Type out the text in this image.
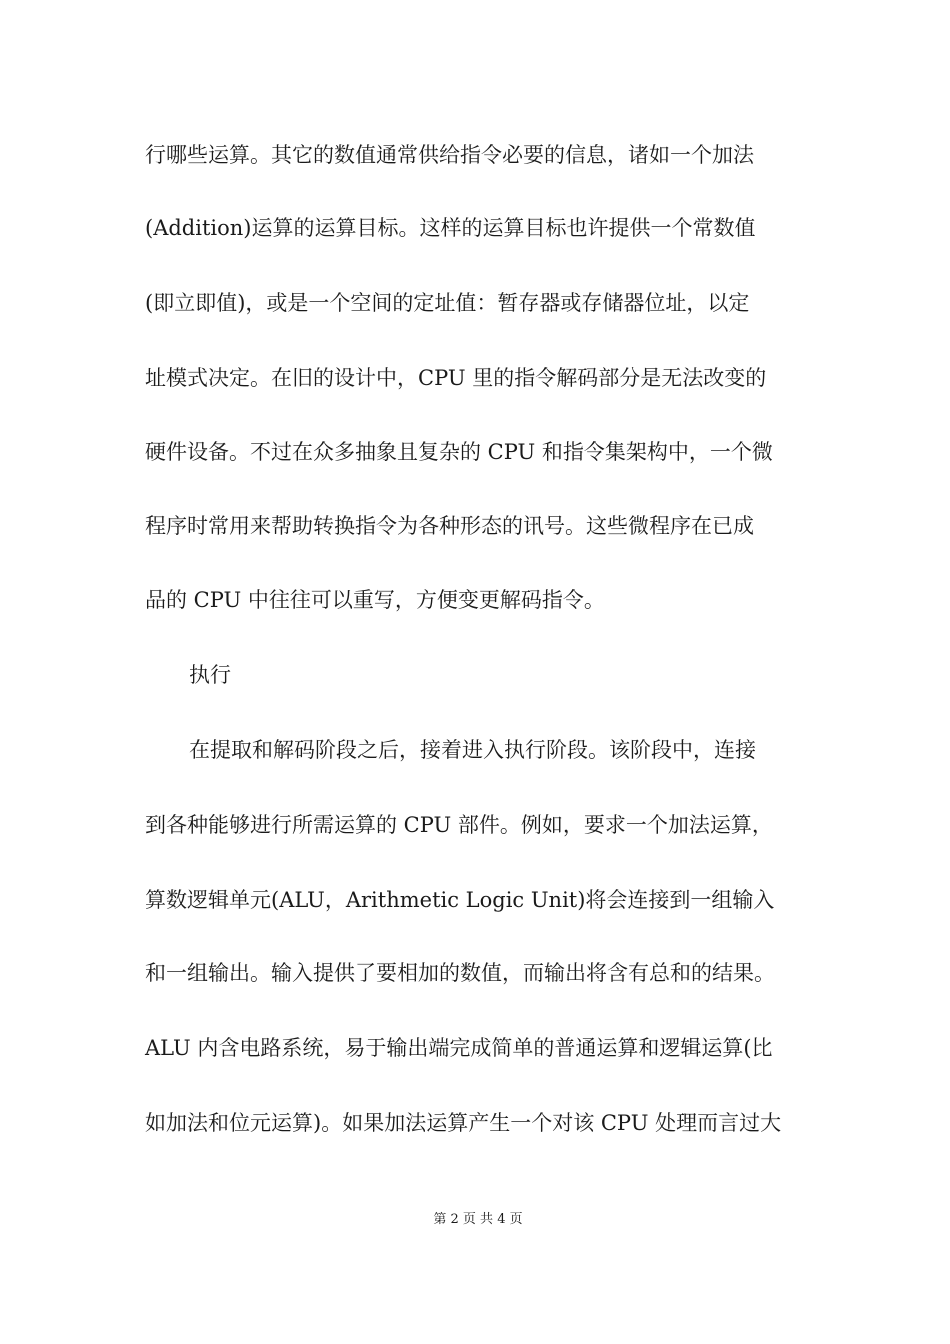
行哪些运算。其它的数值通常供给指令必要的信息，诸如一个加法

(Addition)运算的运算目标。这样的运算目标也许提供一个常数值

(即立即值)，或是一个空间的定址值：暂存器或存储器位址，以定

址模式决定。在旧的设计中，CPU 里的指令解码部分是无法改变的

硬件设备。不过在众多抽象且复杂的 CPU 和指令集架构中，一个微

程序时常用来帮助转换指令为各种形态的讯号。这些微程序在已成

品的 CPU 中往往可以重写，方便变更解码指令。

执行

在提取和解码阶段之后，接着进入执行阶段。该阶段中，连接

到各种能够进行所需运算的 CPU 部件。例如，要求一个加法运算，

算数逻辑单元(ALU，Arithmetic Logic Unit)将会连接到一组输入

和一组输出。输入提供了要相加的数值，而输出将含有总和的结果。

ALU 内含电路系统，易于输出端完成简单的普通运算和逻辑运算(比

如加法和位元运算)。如果加法运算产生一个对该 CPU 处理而言过大

第 2 页 共 4 页
